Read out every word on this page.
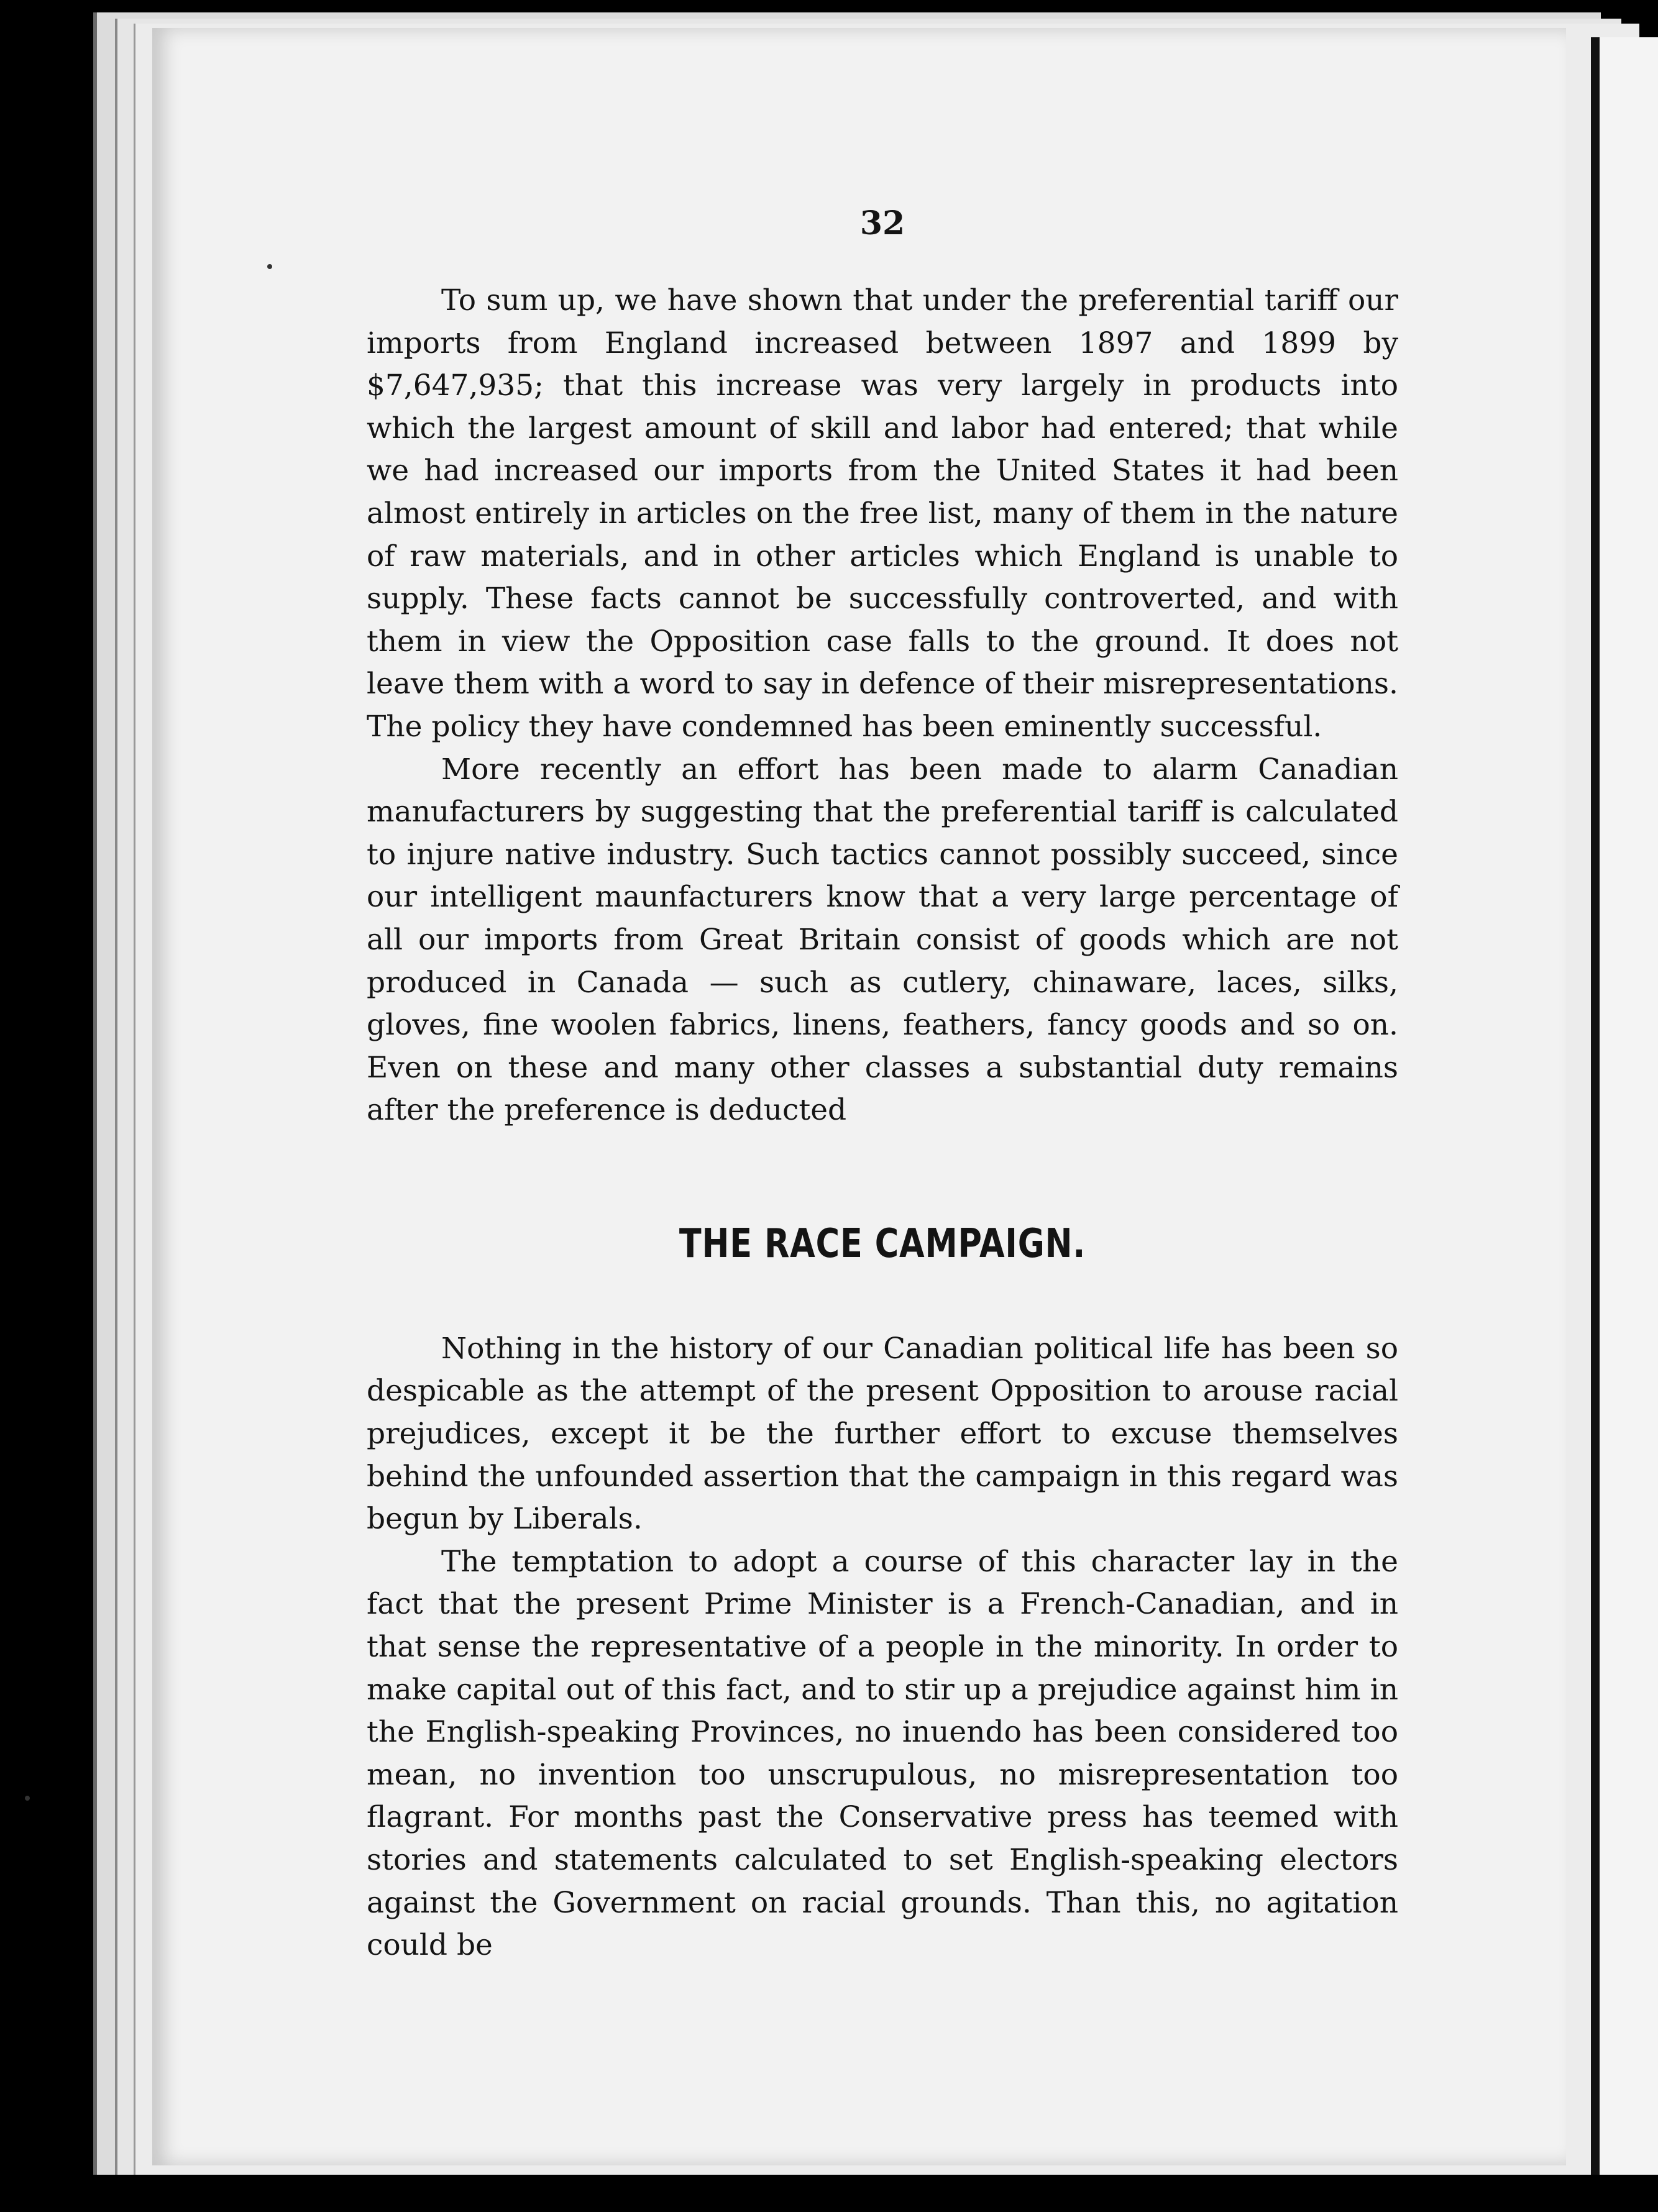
32

To sum up, we have shown that under the preferential tariff our imports from England increased between 1897 and 1899 by $7,647,935; that this increase was very largely in products into which the largest amount of skill and labor had entered; that while we had increased our imports from the United States it had been almost entirely in articles on the free list, many of them in the nature of raw materials, and in other articles which England is unable to supply. These facts cannot be successfully controverted, and with them in view the Opposition case falls to the ground. It does not leave them with a word to say in defence of their misrepresentations. The policy they have condemned has been eminently successful.

More recently an effort has been made to alarm Canadian manufacturers by suggesting that the preferential tariff is calculated to injure native industry. Such tactics cannot possibly succeed, since our intelligent maunfacturers know that a very large percentage of all our imports from Great Britain consist of goods which are not produced in Canada — such as cutlery, chinaware, laces, silks, gloves, fine woolen fabrics, linens, feathers, fancy goods and so on. Even on these and many other classes a substantial duty remains after the preference is deducted

THE RACE CAMPAIGN.

Nothing in the history of our Canadian political life has been so despicable as the attempt of the present Opposition to arouse racial prejudices, except it be the further effort to excuse themselves behind the unfounded assertion that the campaign in this regard was begun by Liberals.

The temptation to adopt a course of this character lay in the fact that the present Prime Minister is a French-Canadian, and in that sense the representative of a people in the minority. In order to make capital out of this fact, and to stir up a prejudice against him in the English-speaking Provinces, no inuendo has been considered too mean, no invention too unscrupulous, no misrepresentation too flagrant. For months past the Conservative press has teemed with stories and statements calculated to set English-speaking electors against the Government on racial grounds. Than this, no agitation could be
